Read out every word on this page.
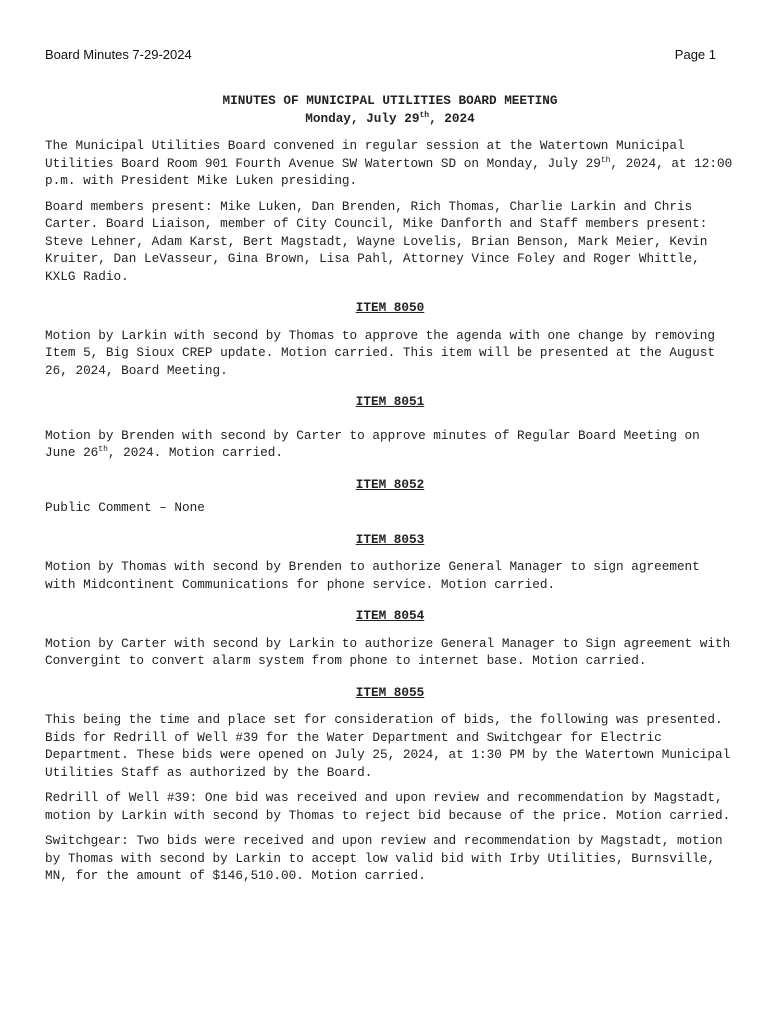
Board Minutes 7-29-2024	Page 1
MINUTES OF MUNICIPAL UTILITIES BOARD MEETING
Monday, July 29th, 2024

The Municipal Utilities Board convened in regular session at the Watertown Municipal Utilities Board Room 901 Fourth Avenue SW Watertown SD on Monday, July 29th, 2024, at 12:00 p.m. with President Mike Luken presiding.

Board members present: Mike Luken, Dan Brenden, Rich Thomas, Charlie Larkin and Chris Carter. Board Liaison, member of City Council, Mike Danforth and Staff members present: Steve Lehner, Adam Karst, Bert Magstadt, Wayne Lovelis, Brian Benson, Mark Meier, Kevin Kruiter, Dan LeVasseur, Gina Brown, Lisa Pahl, Attorney Vince Foley and Roger Whittle, KXLG Radio.

ITEM 8050

Motion by Larkin with second by Thomas to approve the agenda with one change by removing Item 5, Big Sioux CREP update. Motion carried. This item will be presented at the August 26, 2024, Board Meeting.

ITEM 8051

Motion by Brenden with second by Carter to approve minutes of Regular Board Meeting on June 26th, 2024. Motion carried.

ITEM 8052

Public Comment – None

ITEM 8053

Motion by Thomas with second by Brenden to authorize General Manager to sign agreement with Midcontinent Communications for phone service. Motion carried.

ITEM 8054

Motion by Carter with second by Larkin to authorize General Manager to Sign agreement with Convergint to convert alarm system from phone to internet base. Motion carried.

ITEM 8055

This being the time and place set for consideration of bids, the following was presented. Bids for Redrill of Well #39 for the Water Department and Switchgear for Electric Department. These bids were opened on July 25, 2024, at 1:30 PM by the Watertown Municipal Utilities Staff as authorized by the Board.

Redrill of Well #39: One bid was received and upon review and recommendation by Magstadt, motion by Larkin with second by Thomas to reject bid because of the price. Motion carried.

Switchgear: Two bids were received and upon review and recommendation by Magstadt, motion by Thomas with second by Larkin to accept low valid bid with Irby Utilities, Burnsville, MN, for the amount of $146,510.00. Motion carried.
